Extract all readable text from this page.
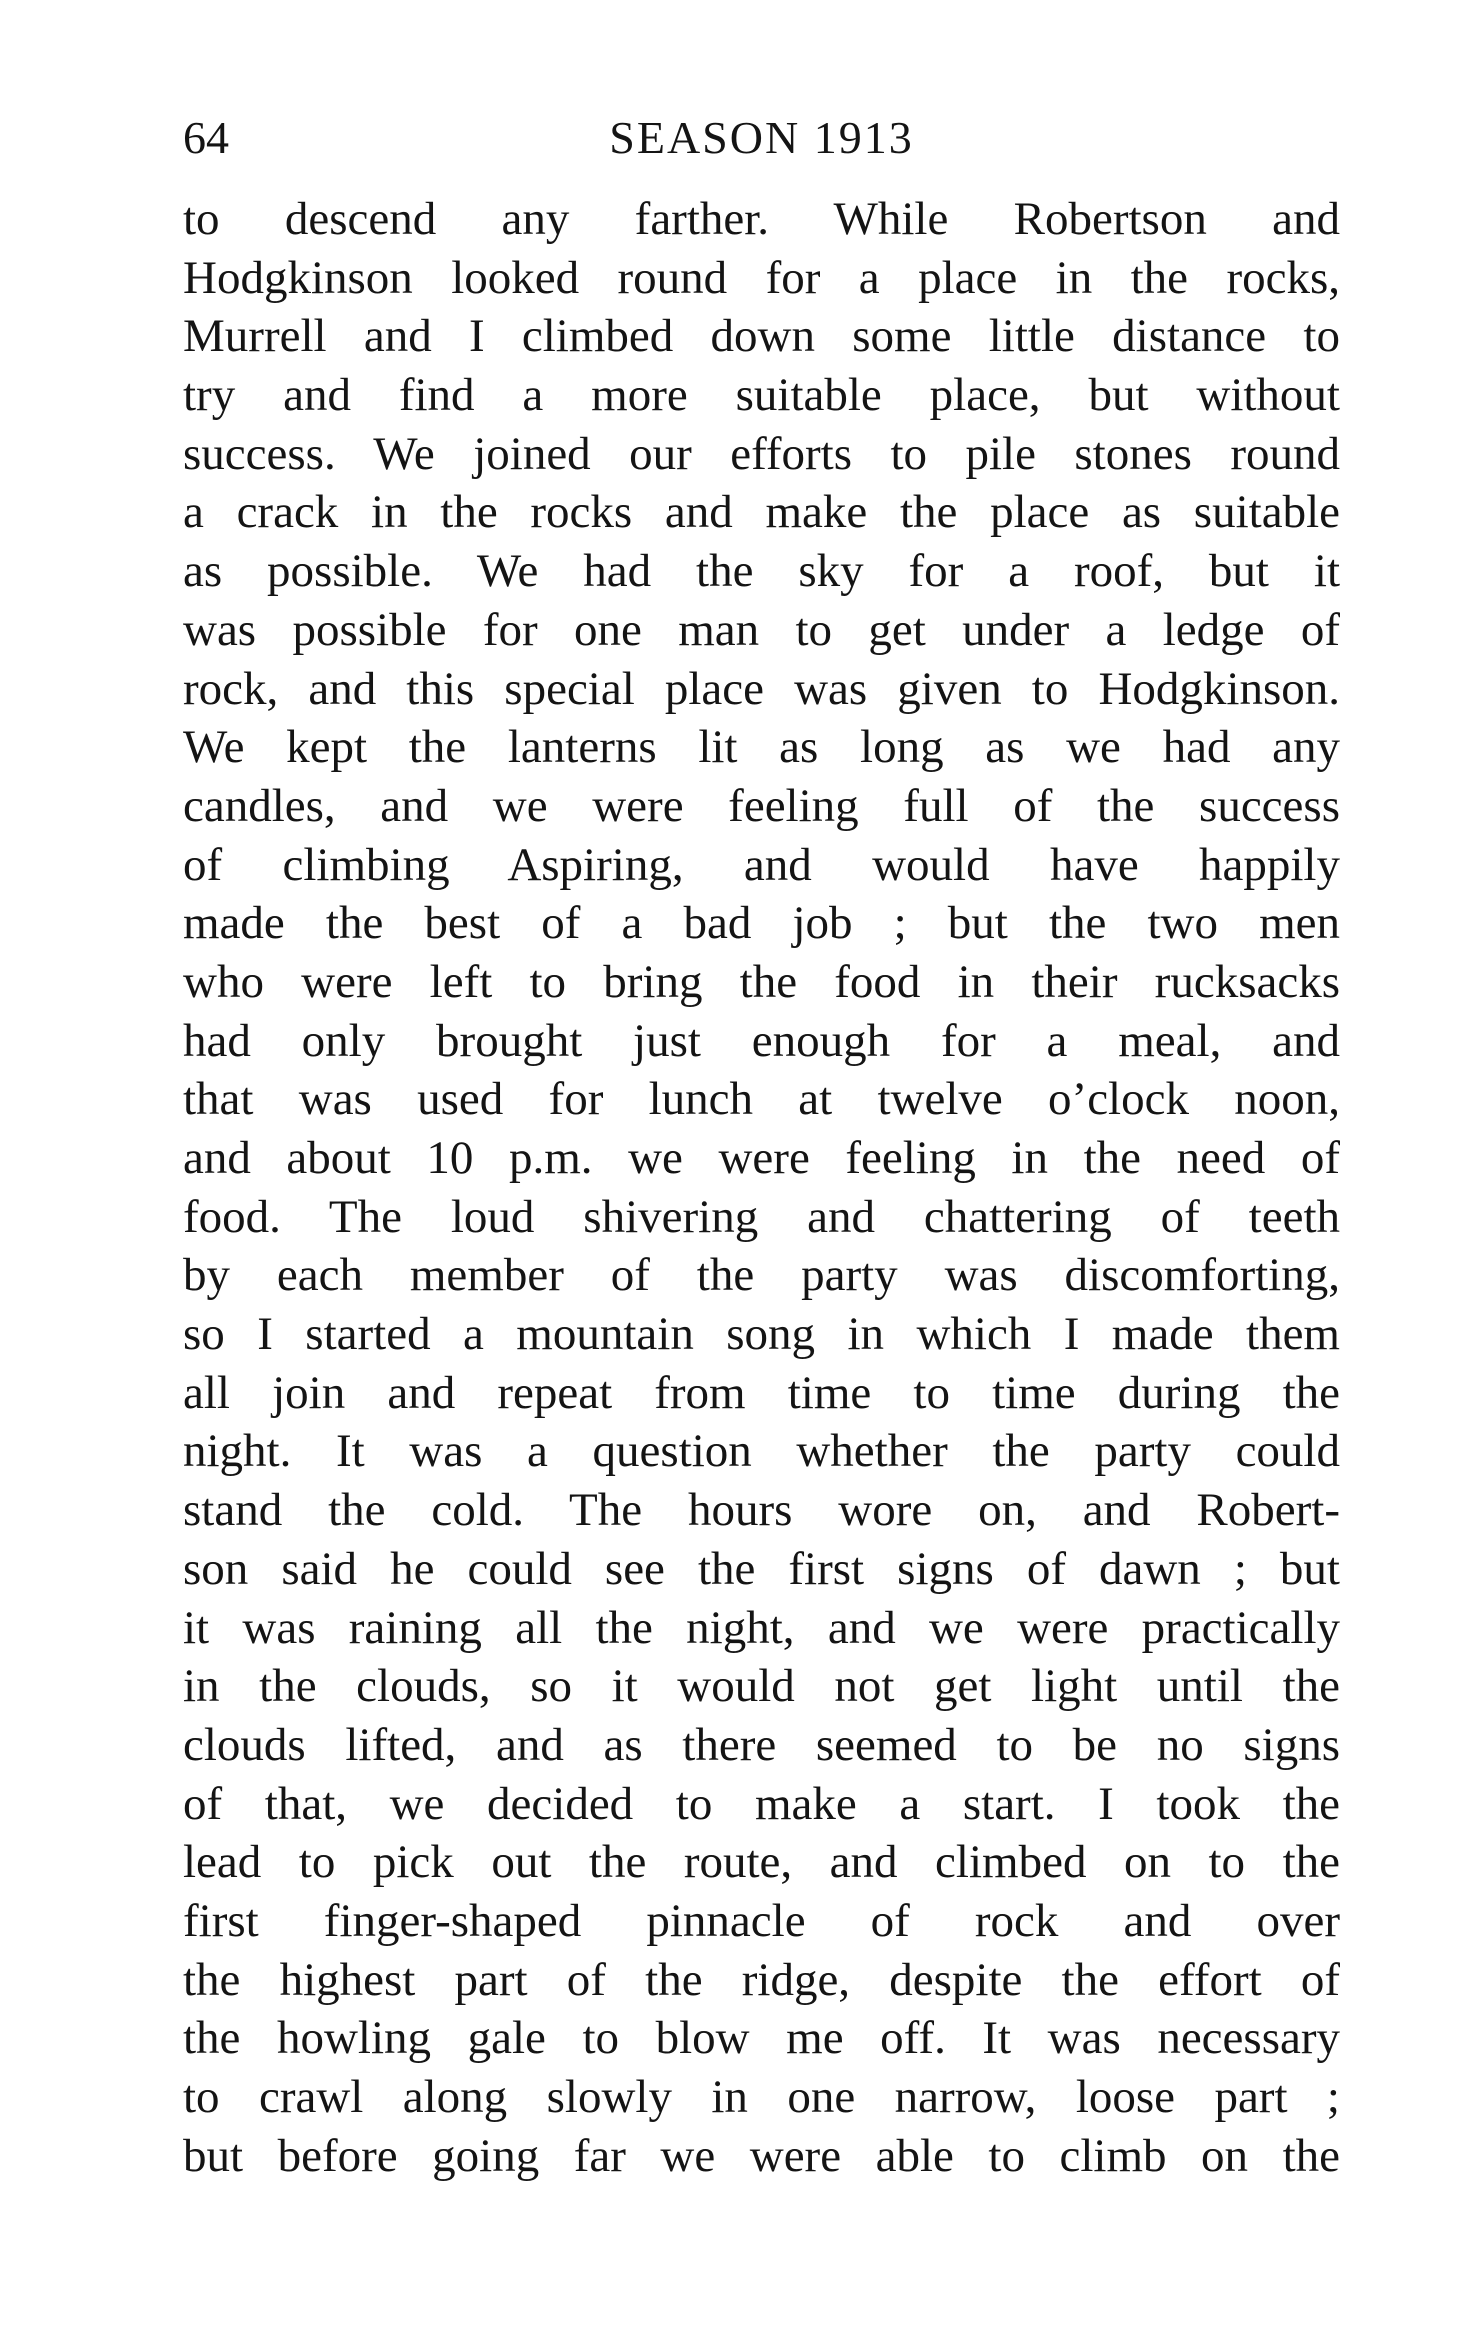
64	SEASON 1913
to descend any farther. While Robertson and
Hodgkinson looked round for a place in the rocks,
Murrell and I climbed down some little distance to
try and find a more suitable place, but without
success. We joined our efforts to pile stones round
a crack in the rocks and make the place as suitable
as possible. We had the sky for a roof, but it
was possible for one man to get under a ledge of
rock, and this special place was given to Hodgkinson.
We kept the lanterns lit as long as we had any
candles, and we were feeling full of the success
of climbing Aspiring, and would have happily
made the best of a bad job ; but the two men
who were left to bring the food in their rucksacks
had only brought just enough for a meal, and
that was used for lunch at twelve o’clock noon,
and about 10 p.m. we were feeling in the need of
food. The loud shivering and chattering of teeth
by each member of the party was discomforting,
so I started a mountain song in which I made them
all join and repeat from time to time during the
night. It was a question whether the party could
stand the cold. The hours wore on, and Robert-
son said he could see the first signs of dawn ; but
it was raining all the night, and we were practically
in the clouds, so it would not get light until the
clouds lifted, and as there seemed to be no signs
of that, we decided to make a start. I took the
lead to pick out the route, and climbed on to the
first finger-shaped pinnacle of rock and over
the highest part of the ridge, despite the effort of
the howling gale to blow me off. It was necessary
to crawl along slowly in one narrow, loose part ;
but before going far we were able to climb on the
